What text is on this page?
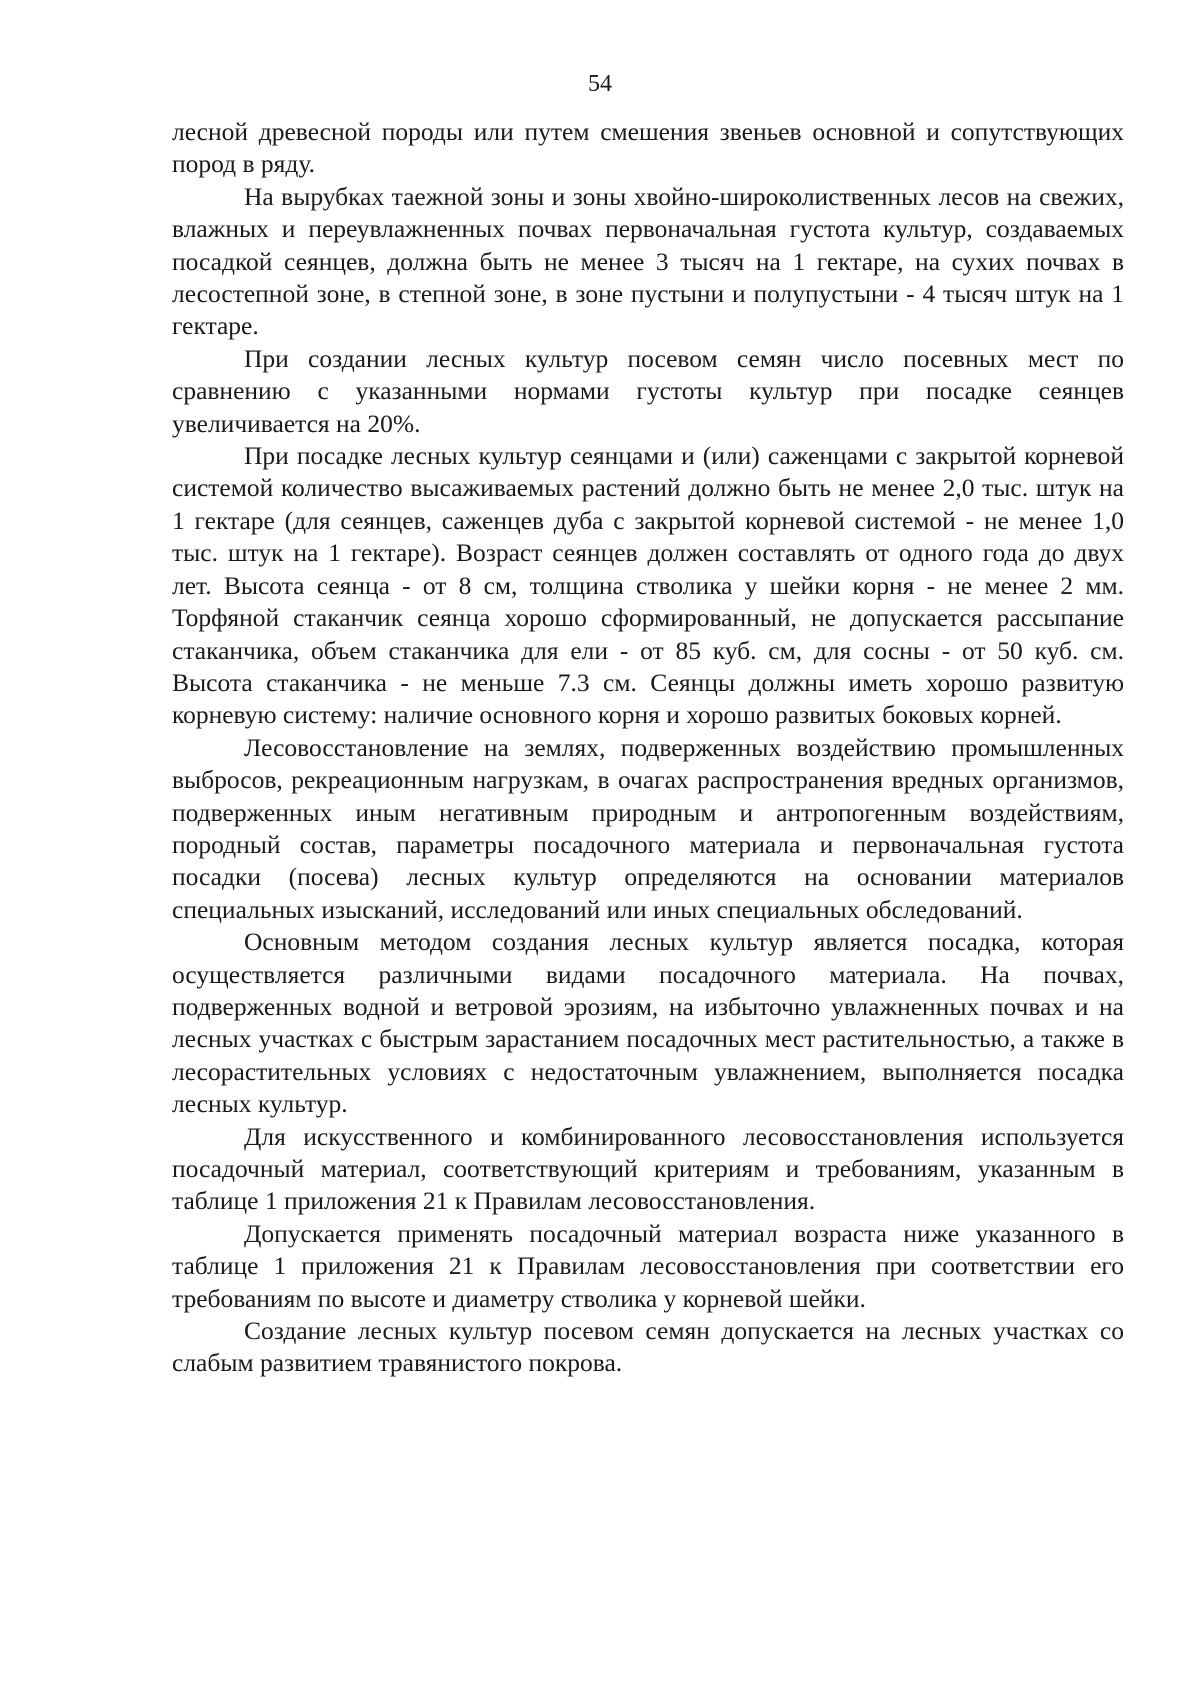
54

лесной древесной породы или путем смешения звеньев основной и сопутствующих пород в ряду.

На вырубках таежной зоны и зоны хвойно-широколиственных лесов на свежих, влажных и переувлажненных почвах первоначальная густота культур, создаваемых посадкой сеянцев, должна быть не менее 3 тысяч на 1 гектаре, на сухих почвах в лесостепной зоне, в степной зоне, в зоне пустыни и полупустыни - 4 тысяч штук на 1 гектаре.

При создании лесных культур посевом семян число посевных мест по сравнению с указанными нормами густоты культур при посадке сеянцев увеличивается на 20%.

При посадке лесных культур сеянцами и (или) саженцами с закрытой корневой системой количество высаживаемых растений должно быть не менее 2,0 тыс. штук на 1 гектаре (для сеянцев, саженцев дуба с закрытой корневой системой - не менее 1,0 тыс. штук на 1 гектаре). Возраст сеянцев должен составлять от одного года до двух лет. Высота сеянца - от 8 см, толщина стволика у шейки корня - не менее 2 мм. Торфяной стаканчик сеянца хорошо сформированный, не допускается рассыпание стаканчика, объем стаканчика для ели - от 85 куб. см, для сосны - от 50 куб. см. Высота стаканчика - не меньше 7.3 см. Сеянцы должны иметь хорошо развитую корневую систему: наличие основного корня и хорошо развитых боковых корней.

Лесовосстановление на землях, подверженных воздействию промышленных выбросов, рекреационным нагрузкам, в очагах распространения вредных организмов, подверженных иным негативным природным и антропогенным воздействиям, породный состав, параметры посадочного материала и первоначальная густота посадки (посева) лесных культур определяются на основании материалов специальных изысканий, исследований или иных специальных обследований.

Основным методом создания лесных культур является посадка, которая осуществляется различными видами посадочного материала. На почвах, подверженных водной и ветровой эрозиям, на избыточно увлажненных почвах и на лесных участках с быстрым зарастанием посадочных мест растительностью, а также в лесорастительных условиях с недостаточным увлажнением, выполняется посадка лесных культур.

Для искусственного и комбинированного лесовосстановления используется посадочный материал, соответствующий критериям и требованиям, указанным в таблице 1 приложения 21 к Правилам лесовосстановления.

Допускается применять посадочный материал возраста ниже указанного в таблице 1 приложения 21 к Правилам лесовосстановления при соответствии его требованиям по высоте и диаметру стволика у корневой шейки.

Создание лесных культур посевом семян допускается на лесных участках со слабым развитием травянистого покрова.
